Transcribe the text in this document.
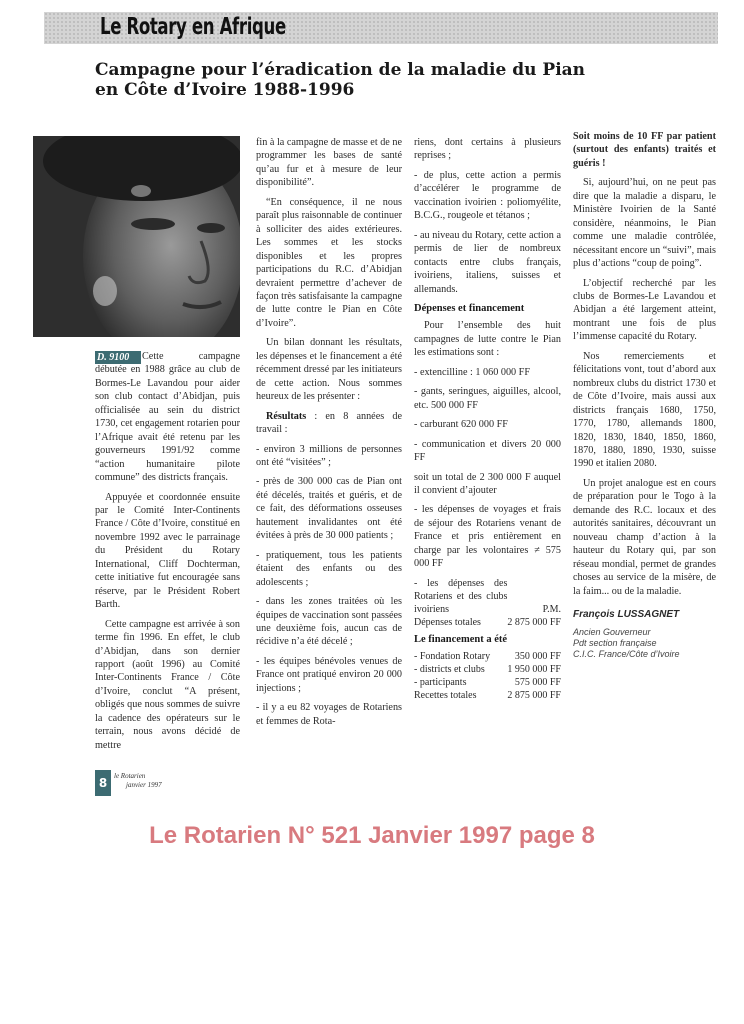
Le Rotary en Afrique
Campagne pour l’éradication de la maladie du Pian
en Côte d’Ivoire 1988-1996
D. 9100	Cette campagne débutée en 1988 grâce au club de Bormes-Le Lavandou pour aider son club contact d’Abidjan, puis officialisée au sein du district 1730, cet engagement rotarien pour l’Afrique avait été retenu par les gouverneurs 1991/92 comme “action humanitaire pilote commune” des districts français.

Appuyée et coordonnée ensuite par le Comité Inter-Continents France / Côte d’Ivoire, constitué en novembre 1992 avec le parrainage du Président du Rotary International, Cliff Dochterman, cette initiative fut encouragée sans réserve, par le Président Robert Barth.

Cette campagne est arrivée à son terme fin 1996. En effet, le club d’Abidjan, dans son dernier rapport (août 1996) au Comité Inter-Continents France / Côte d’Ivoire, conclut “A présent, obligés que nous sommes de suivre la cadence des opérateurs sur le terrain, nous avons décidé de mettre

fin à la campagne de masse et de ne programmer les bases de santé qu’au fur et à mesure de leur disponibilité”.

“En conséquence, il ne nous paraît plus raisonnable de continuer à solliciter des aides extérieures. Les sommes et les stocks disponibles et les propres participations du R.C. d’Abidjan devraient permettre d’achever de façon très satisfaisante la campagne de lutte contre le Pian en Côte d’Ivoire”.

Un bilan donnant les résultats, les dépenses et le financement a été récemment dressé par les initiateurs de cette action. Nous sommes heureux de les présenter :

Résultats : en 8 années de travail :

- environ 3 millions de personnes ont été “visitées” ;

- près de 300 000 cas de Pian ont été décelés, traités et guéris, et de ce fait, des déformations osseuses hautement invalidantes ont été évitées à près de 30 000 patients ;

- pratiquement, tous les patients étaient des enfants ou des adolescents ;

- dans les zones traitées où les équipes de vaccination sont passées une deuxième fois, aucun cas de récidive n’a été décelé ;

- les équipes bénévoles venues de France ont pratiqué environ 20 000 injections ;

- il y a eu 82 voyages de Rotariens et femmes de Rota-

riens, dont certains à plusieurs reprises ;

- de plus, cette action a permis d’accélérer le programme de vaccination ivoirien : poliomyélite, B.C.G., rougeole et tétanos ;

- au niveau du Rotary, cette action a permis de lier de nombreux contacts entre clubs français, ivoiriens, italiens, suisses et allemands.

Dépenses et financement

Pour l’ensemble des huit campagnes de lutte contre le Pian les estimations sont :

- extencilline : 1 060 000 FF

- gants, seringues, aiguilles, alcool, etc. 500 000 FF

- carburant 620 000 FF

- communication et divers 20 000 FF

soit un total de 2 300 000 F auquel il convient d’ajouter

- les dépenses de voyages et frais de séjour des Rotariens venant de France et pris entièrement en charge par les volontaires ≠ 575 000 FF

- les dépenses des Rotariens et des clubs ivoiriens	P.M.
Dépenses totales	2 875 000 FF
Le financement a été
- Fondation Rotary	350 000 FF
- districts et clubs	1 950 000 FF
- participants	575 000 FF
Recettes totales	2 875 000 FF

Soit moins de 10 FF par patient (surtout des enfants) traités et guéris !

Si, aujourd’hui, on ne peut pas dire que la maladie a disparu, le Ministère Ivoirien de la Santé considère, néanmoins, le Pian comme une maladie contrôlée, nécessitant encore un “suivi”, mais plus d’actions “coup de poing”.

L’objectif recherché par les clubs de Bormes-Le Lavandou et Abidjan a été largement atteint, montrant une fois de plus l’immense capacité du Rotary.

Nos remerciements et félicitations vont, tout d’abord aux nombreux clubs du district 1730 et de Côte d’Ivoire, mais aussi aux districts français 1680, 1750, 1770, 1780, allemands 1800, 1820, 1830, 1840, 1850, 1860, 1870, 1880, 1890, 1930, suisse 1990 et italien 2080.

Un projet analogue est en cours de préparation pour le Togo à la demande des R.C. locaux et des autorités sanitaires, découvrant un nouveau champ d’action à la hauteur du Rotary qui, par son réseau mondial, permet de grandes choses au service de la misère, de la faim... ou de la maladie.

François LUSSAGNET
Ancien Gouverneur
Pdt section française
C.I.C. France/Côte d’Ivoire
8 le Rotarien
janvier 1997
Le Rotarien N° 521 Janvier 1997 page 8
